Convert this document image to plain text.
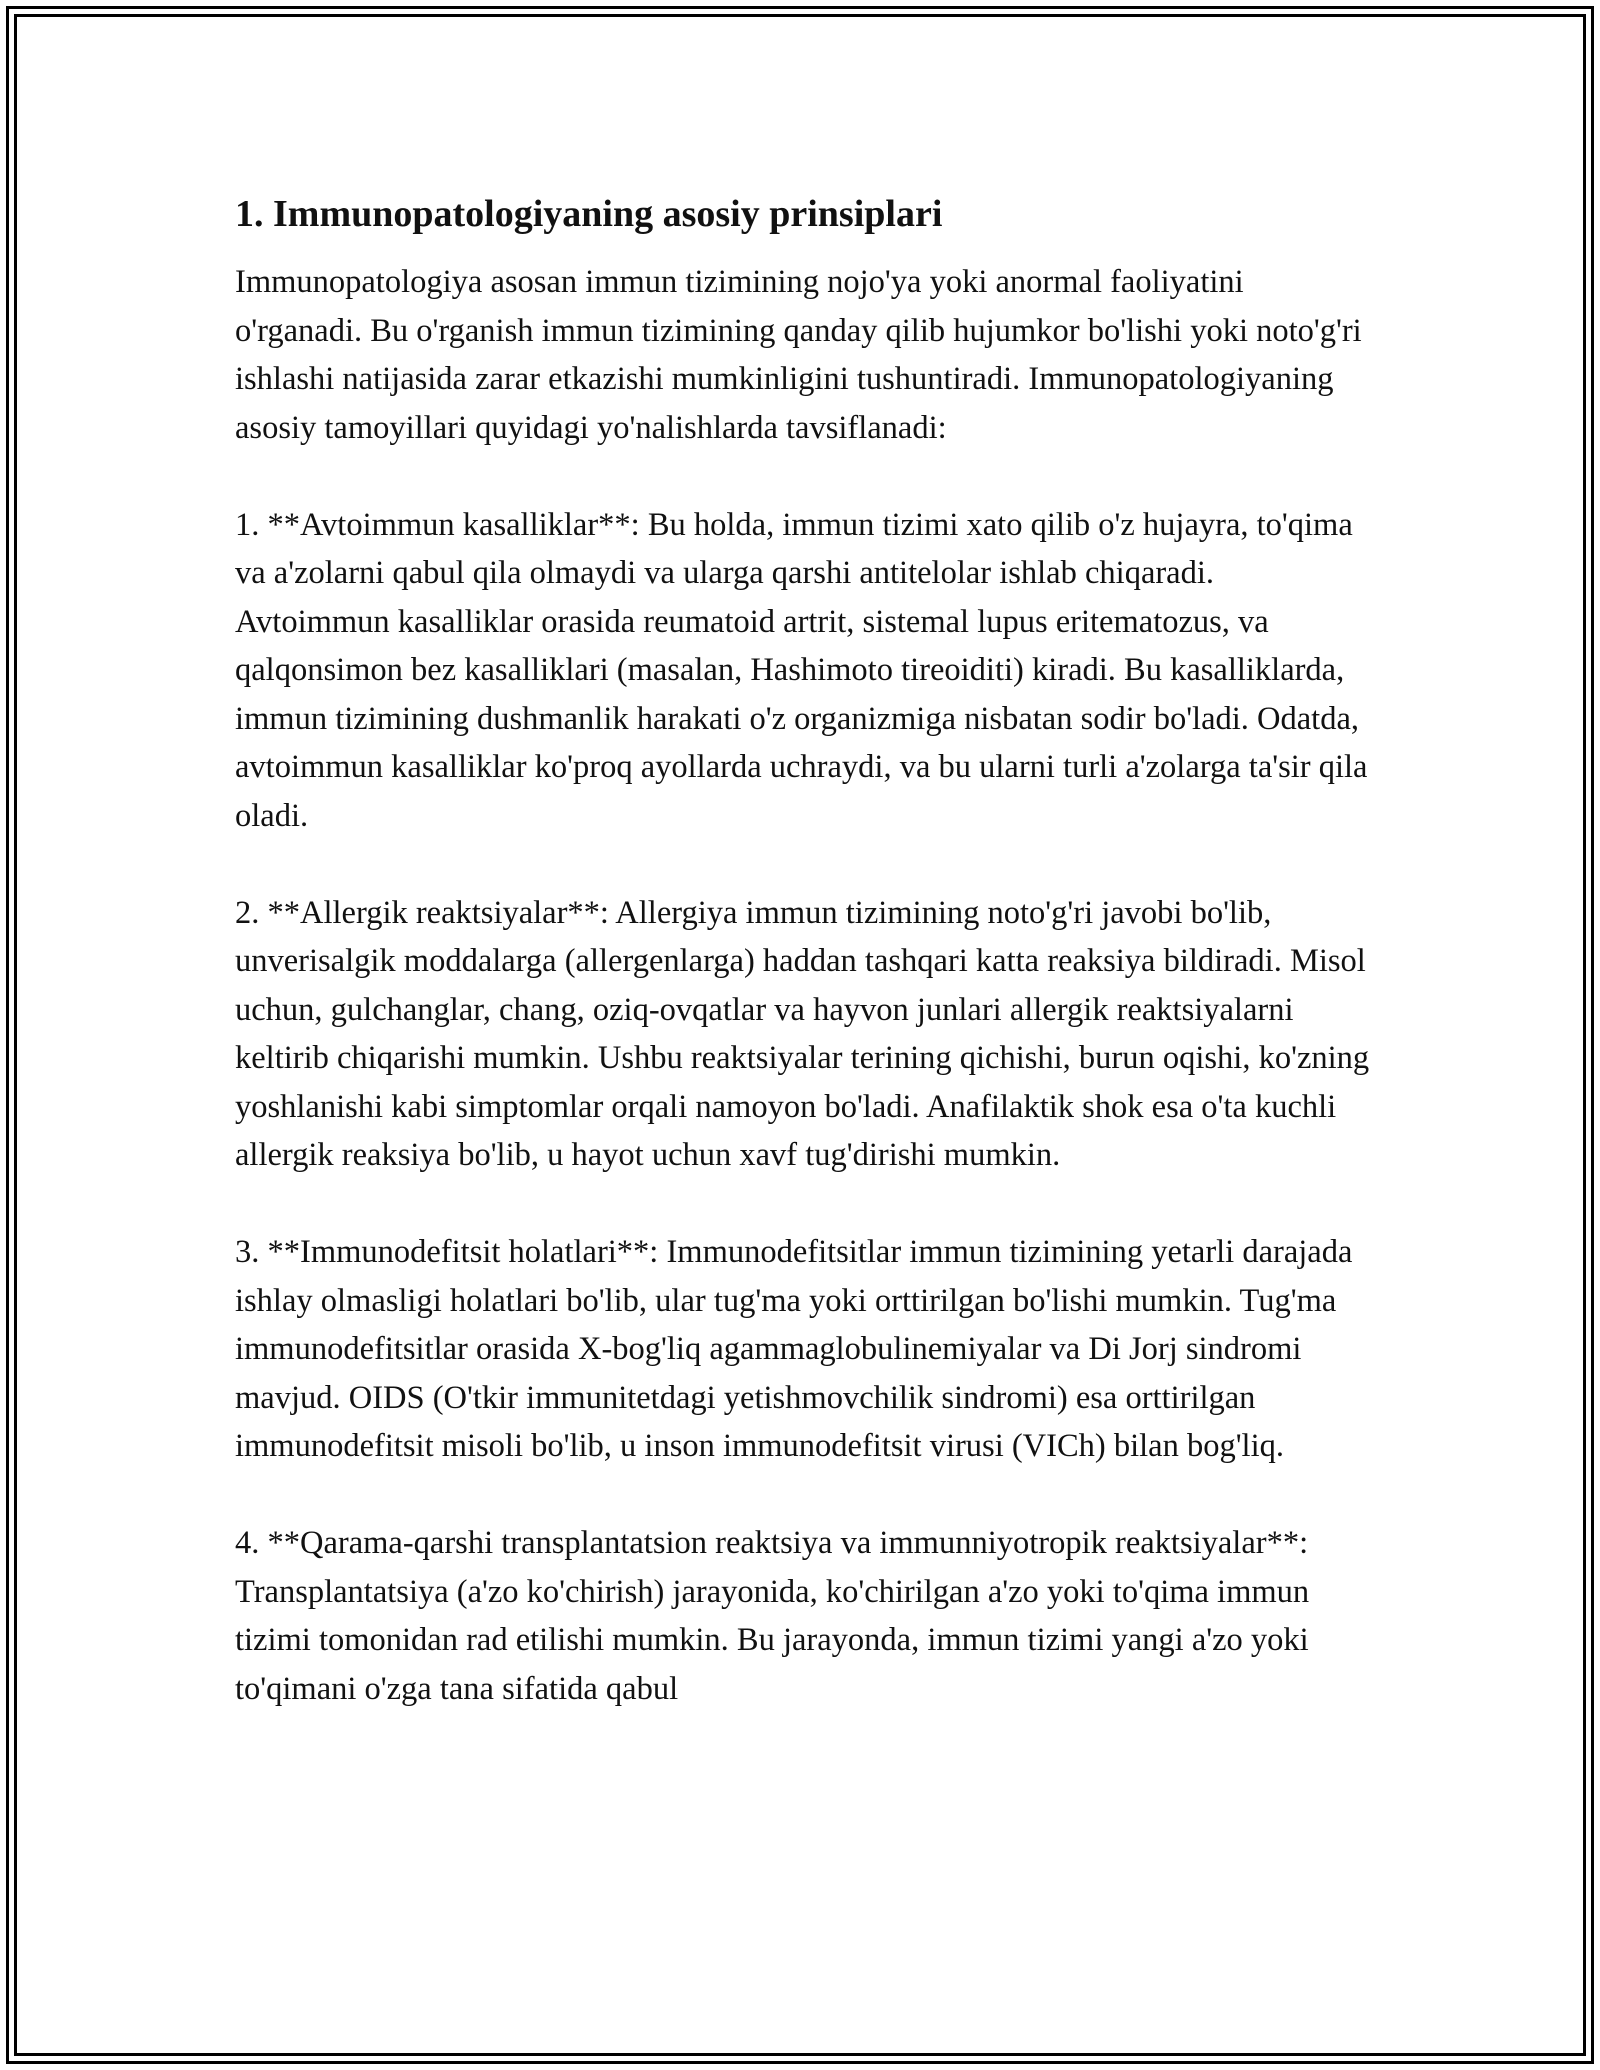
1. Immunopatologiyaning asosiy prinsiplari

Immunopatologiya asosan immun tizimining nojo'ya yoki anormal faoliyatini o'rganadi. Bu o'rganish immun tizimining qanday qilib hujumkor bo'lishi yoki noto'g'ri ishlashi natijasida zarar etkazishi mumkinligini tushuntiradi. Immunopatologiyaning asosiy tamoyillari quyidagi yo'nalishlarda tavsiflanadi:

1. **Avtoimmun kasalliklar**: Bu holda, immun tizimi xato qilib o'z hujayra, to'qima va a'zolarni qabul qila olmaydi va ularga qarshi antitelolar ishlab chiqaradi. Avtoimmun kasalliklar orasida reumatoid artrit, sistemal lupus eritematozus, va qalqonsimon bez kasalliklari (masalan, Hashimoto tireoiditi) kiradi. Bu kasalliklarda, immun tizimining dushmanlik harakati o'z organizmiga nisbatan sodir bo'ladi. Odatda, avtoimmun kasalliklar ko'proq ayollarda uchraydi, va bu ularni turli a'zolarga ta'sir qila oladi.

2. **Allergik reaktsiyalar**: Allergiya immun tizimining noto'g'ri javobi bo'lib, unverisalgik moddalarga (allergenlarga) haddan tashqari katta reaksiya bildiradi. Misol uchun, gulchanglar, chang, oziq-ovqatlar va hayvon junlari allergik reaktsiyalarni keltirib chiqarishi mumkin. Ushbu reaktsiyalar terining qichishi, burun oqishi, ko'zning yoshlanishi kabi simptomlar orqali namoyon bo'ladi. Anafilaktik shok esa o'ta kuchli allergik reaksiya bo'lib, u hayot uchun xavf tug'dirishi mumkin.

3. **Immunodefitsit holatlari**: Immunodefitsitlar immun tizimining yetarli darajada ishlay olmasligi holatlari bo'lib, ular tug'ma yoki orttirilgan bo'lishi mumkin. Tug'ma immunodefitsitlar orasida X-bog'liq agammaglobulinemiyalar va Di Jorj sindromi mavjud. OIDS (O'tkir immunitetdagi yetishmovchilik sindromi) esa orttirilgan immunodefitsit misoli bo'lib, u inson immunodefitsit virusi (VICh) bilan bog'liq.

4. **Qarama-qarshi transplantatsion reaktsiya va immunniyotropik reaktsiyalar**: Transplantatsiya (a'zo ko'chirish) jarayonida, ko'chirilgan a'zo yoki to'qima immun tizimi tomonidan rad etilishi mumkin. Bu jarayonda, immun tizimi yangi a'zo yoki to'qimani o'zga tana sifatida qabul
